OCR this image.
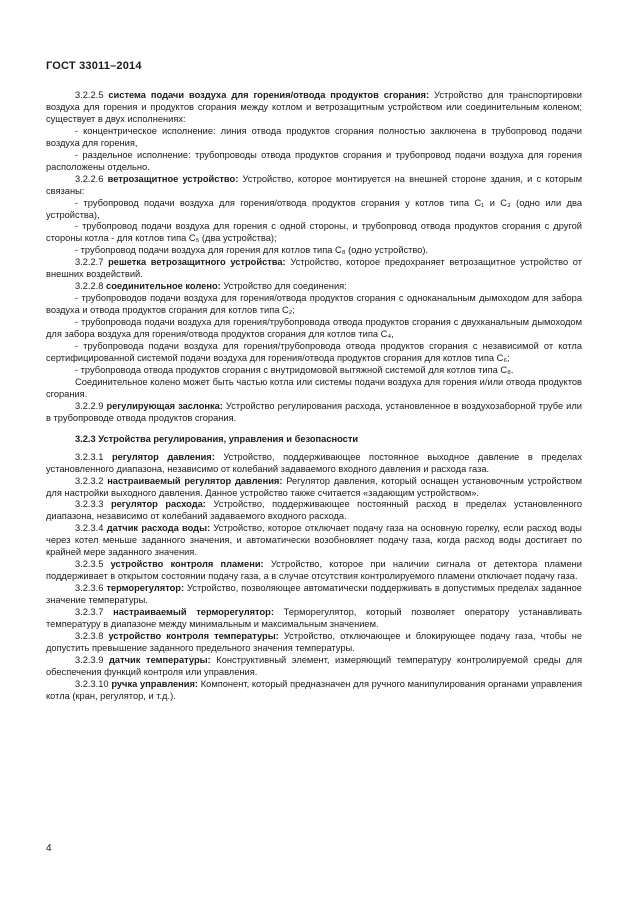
ГОСТ 33011–2014

3.2.2.5 система подачи воздуха для горения/отвода продуктов сгорания: Устройство для транспортировки воздуха для горения и продуктов сгорания между котлом и ветрозащитным устройством или соединительным коленом; существует в двух исполнениях:

- концентрическое исполнение: линия отвода продуктов сгорания полностью заключена в трубопровод подачи воздуха для горения,

- раздельное исполнение: трубопроводы отвода продуктов сгорания и трубопровод подачи воздуха для горения расположены отдельно.

3.2.2.6 ветрозащитное устройство: Устройство, которое монтируется на внешней стороне здания, и с которым связаны:

- трубопровод подачи воздуха для горения/отвода продуктов сгорания у котлов типа C₁ и C₃ (одно или два устройства),

- трубопровод подачи воздуха для горения с одной стороны, и трубопровод отвода продуктов сгорания с другой стороны котла - для котлов типа C₅ (два устройства);

- трубопровод подачи воздуха для горения для котлов типа C₈ (одно устройство).

3.2.2.7 решетка ветрозащитного устройства: Устройство, которое предохраняет ветрозащитное устройство от внешних воздействий.

3.2.2.8 соединительное колено: Устройство для соединения:

- трубопроводов подачи воздуха для горения/отвода продуктов сгорания с одноканальным дымоходом для забора воздуха и отвода продуктов сгорания для котлов типа C₂;

- трубопровода подачи воздуха для горения/трубопровода отвода продуктов сгорания с двухканальным дымоходом для забора воздуха для горения/отвода продуктов сгорания для котлов типа C₄,

- трубопровода подачи воздуха для горения/трубопровода отвода продуктов сгорания с независимой от котла сертифицированной системой подачи воздуха для горения/отвода продуктов сгорания для котлов типа C₆;

- трубопровода отвода продуктов сгорания с внутридомовой вытяжной системой для котлов типа C₈.

Соединительное колено может быть частью котла или системы подачи воздуха для горения и/или отвода продуктов сгорания.

3.2.2.9 регулирующая заслонка: Устройство регулирования расхода, установленное в воздухозаборной трубе или в трубопроводе отвода продуктов сгорания.

3.2.3 Устройства регулирования, управления и безопасности

3.2.3.1 регулятор давления: Устройство, поддерживающее постоянное выходное давление в пределах установленного диапазона, независимо от колебаний задаваемого входного давления и расхода газа.

3.2.3.2 настраиваемый регулятор давления: Регулятор давления, который оснащен установочным устройством для настройки выходного давления. Данное устройство также считается «задающим устройством».

3.2.3.3 регулятор расхода: Устройство, поддерживающее постоянный расход в пределах установленного диапазона, независимо от колебаний задаваемого входного расхода.

3.2.3.4 датчик расхода воды: Устройство, которое отключает подачу газа на основную горелку, если расход воды через котел меньше заданного значения, и автоматически возобновляет подачу газа, когда расход воды достигает по крайней мере заданного значения.

3.2.3.5 устройство контроля пламени: Устройство, которое при наличии сигнала от детектора пламени поддерживает в открытом состоянии подачу газа, а в случае отсутствия контролируемого пламени отключает подачу газа.

3.2.3.6 терморегулятор: Устройство, позволяющее автоматически поддерживать в допустимых пределах заданное значение температуры.

3.2.3.7 настраиваемый терморегулятор: Терморегулятор, который позволяет оператору устанавливать температуру в диапазоне между минимальным и максимальным значением.

3.2.3.8 устройство контроля температуры: Устройство, отключающее и блокирующее подачу газа, чтобы не допустить превышение заданного предельного значения температуры.

3.2.3.9 датчик температуры: Конструктивный элемент, измеряющий температуру контролируемой среды для обеспечения функций контроля или управления.

3.2.3.10 ручка управления: Компонент, который предназначен для ручного манипулирования органами управления котла (кран, регулятор, и т.д.).

4
